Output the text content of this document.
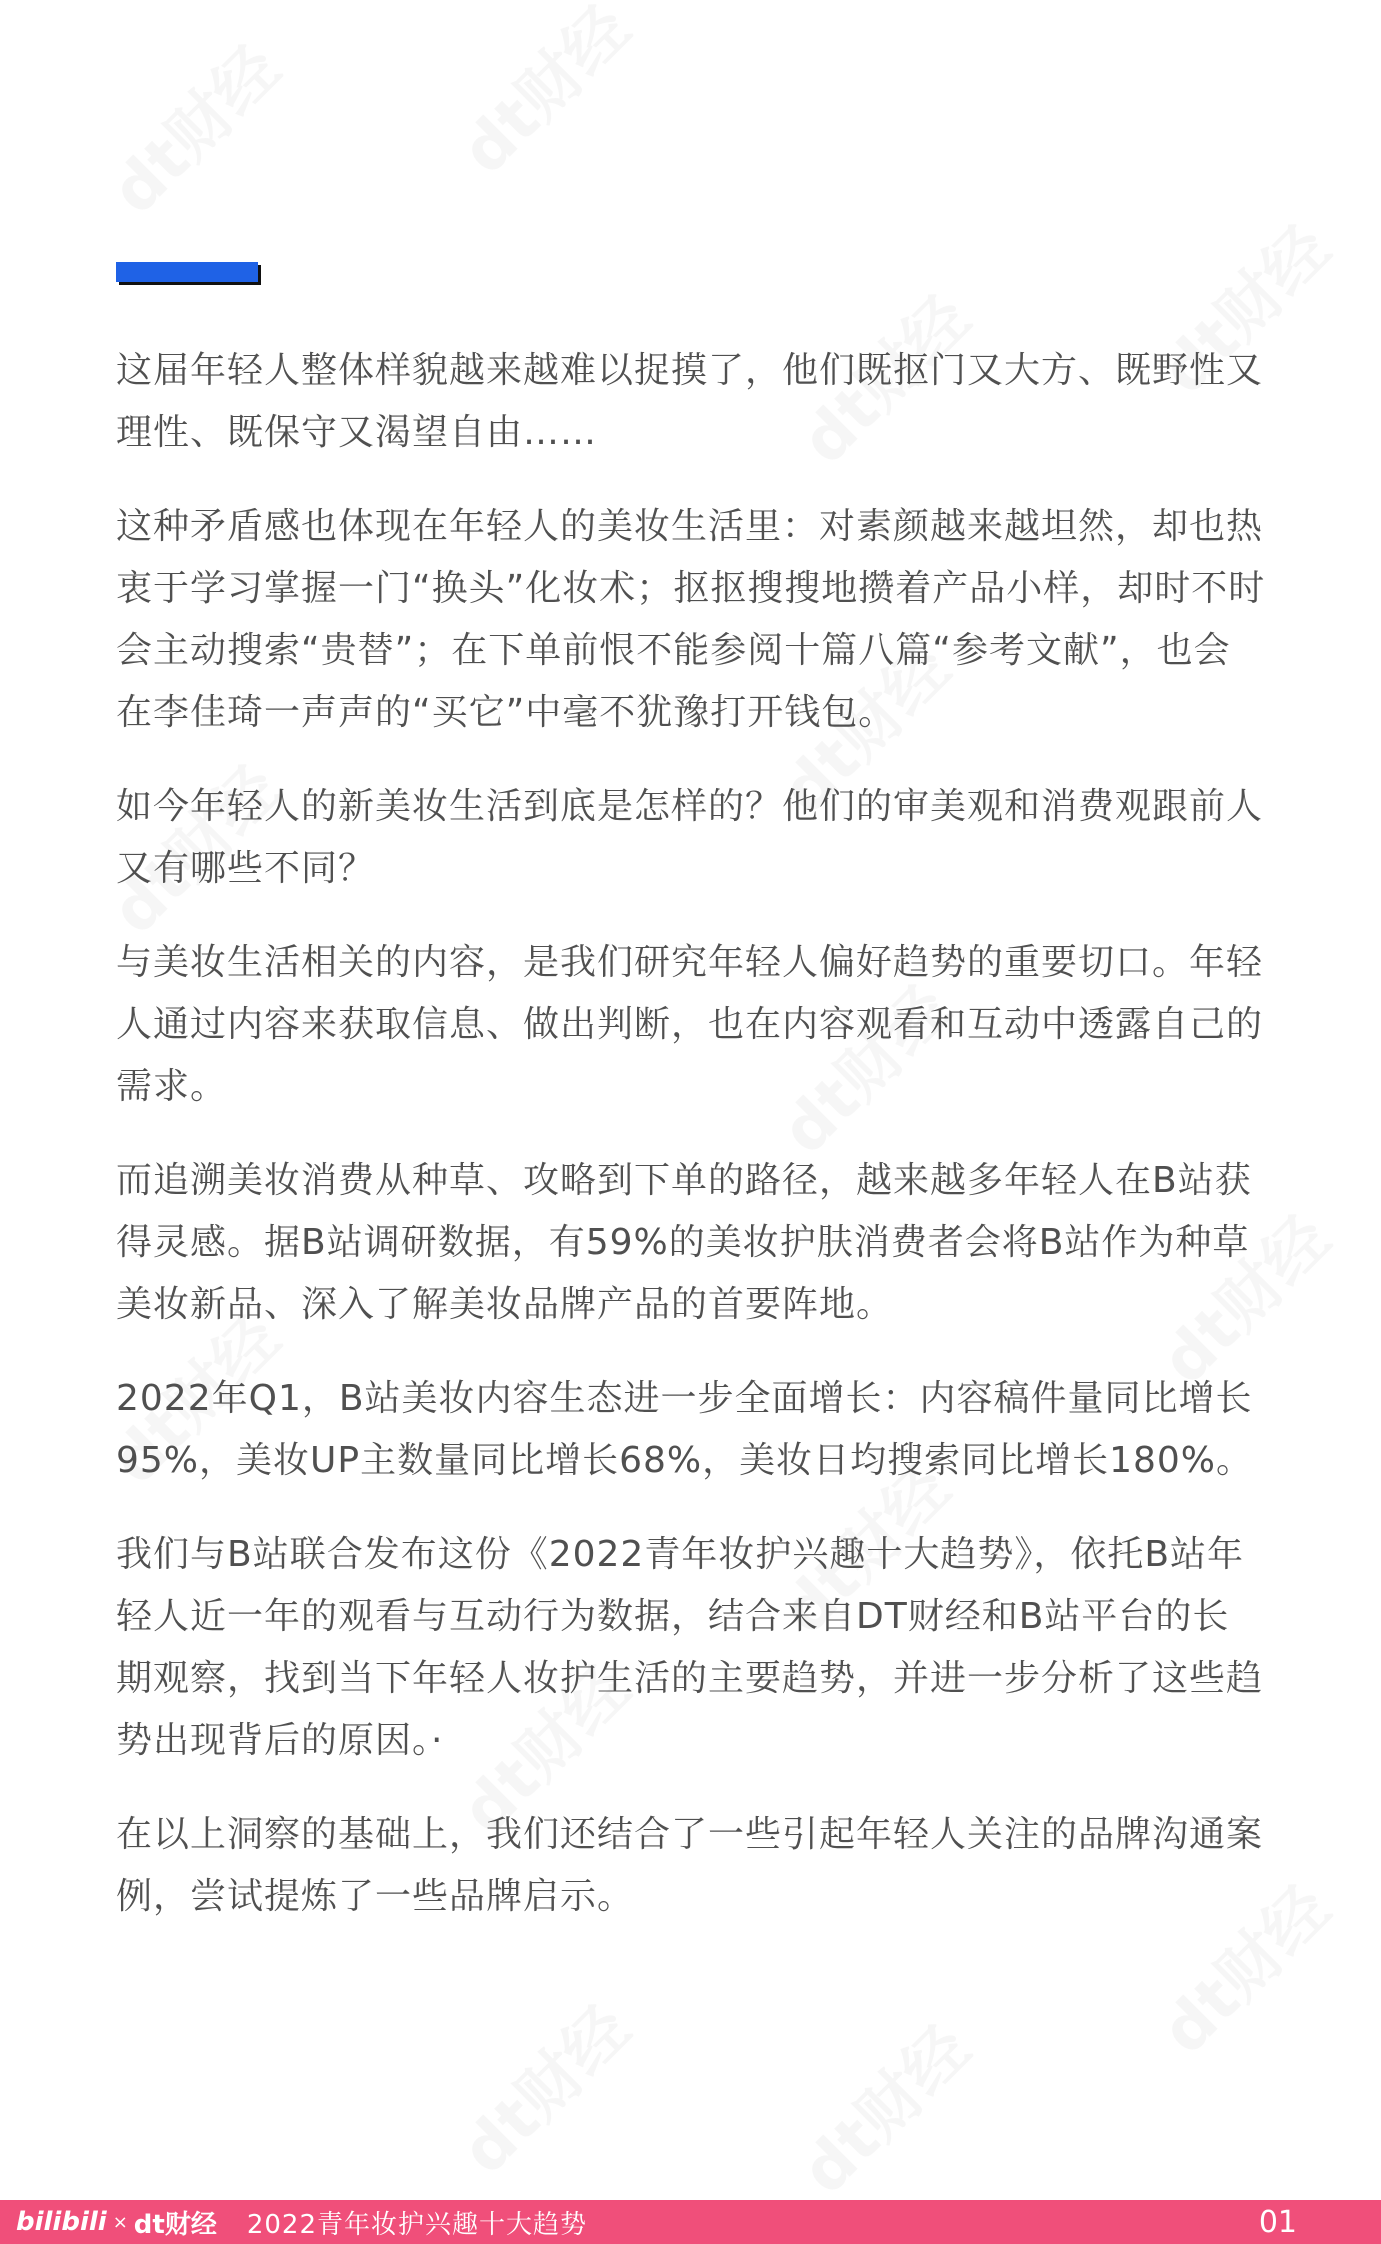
这届年轻人整体样貌越来越难以捉摸了，他们既抠门又大方、既野性又理性、既保守又渴望自由……

这种矛盾感也体现在年轻人的美妆生活里：对素颜越来越坦然，却也热衷于学习掌握一门“换头”化妆术；抠抠搜搜地攒着产品小样，却时不时会主动搜索“贵替”；在下单前恨不能参阅十篇八篇“参考文献”，也会在李佳琦一声声的“买它”中毫不犹豫打开钱包。

如今年轻人的新美妆生活到底是怎样的？他们的审美观和消费观跟前人又有哪些不同？

与美妆生活相关的内容，是我们研究年轻人偏好趋势的重要切口。年轻人通过内容来获取信息、做出判断，也在内容观看和互动中透露自己的需求。

而追溯美妆消费从种草、攻略到下单的路径，越来越多年轻人在B站获得灵感。据B站调研数据，有59%的美妆护肤消费者会将B站作为种草美妆新品、深入了解美妆品牌产品的首要阵地。

2022年Q1，B站美妆内容生态进一步全面增长：内容稿件量同比增长95%，美妆UP主数量同比增长68%，美妆日均搜索同比增长180%。

我们与B站联合发布这份《2022青年妆护兴趣十大趋势》，依托B站年轻人近一年的观看与互动行为数据，结合来自DT财经和B站平台的长期观察，找到当下年轻人妆护生活的主要趋势，并进一步分析了这些趋势出现背后的原因。·

在以上洞察的基础上，我们还结合了一些引起年轻人关注的品牌沟通案例，尝试提炼了一些品牌启示。

bilibili × dt财经 2022青年妆护兴趣十大趋势	01
